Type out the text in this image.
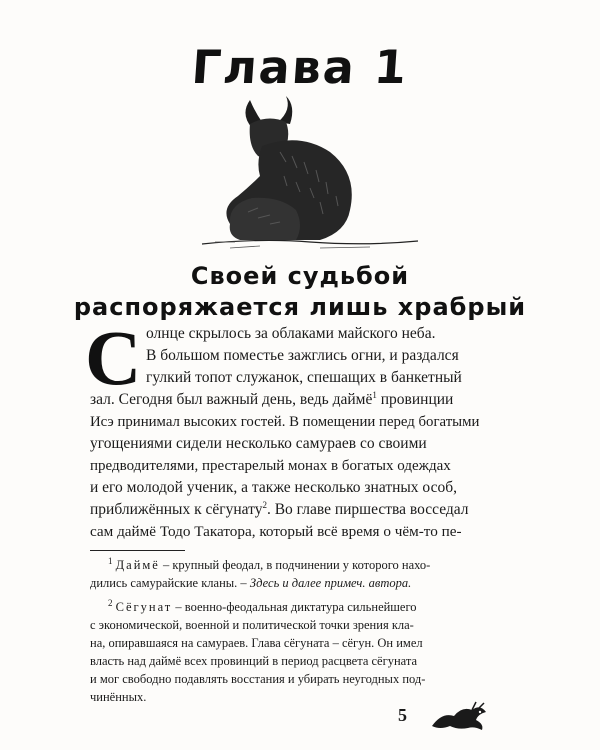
Глава 1
Своей судьбой
распоряжается лишь храбрый
С олнце скрылось за облаками майского неба.
В большом поместье зажглись огни, и раздался
гулкий топот служанок, спешащих в банкетный
зал. Сегодня был важный день, ведь даймё$^1$ провинции
Исэ принимал высоких гостей. В помещении перед богатыми
угощениями сидели несколько самураев со своими
предводителями, престарелый монах в богатых одеждах
и его молодой ученик, а также несколько знатных особ,
приближённых к сёгунату$^2$. Во главе пиршества восседал
сам даймё Тодо Такатора, который всё время о чём-то пе-
$^1$ Даймё – крупный феодал, в подчинении у которого нахо-
дились самурайские кланы. – Здесь и далее примеч. автора.
$^2$ Сёгунат – военно-феодальная диктатура сильнейшего
с экономической, военной и политической точки зрения кла-
на, опиравшаяся на самураев. Глава сёгуната – сёгун. Он имел
власть над даймё всех провинций в период расцвета сёгуната
и мог свободно подавлять восстания и убирать неугодных под-
чинённых.
5
